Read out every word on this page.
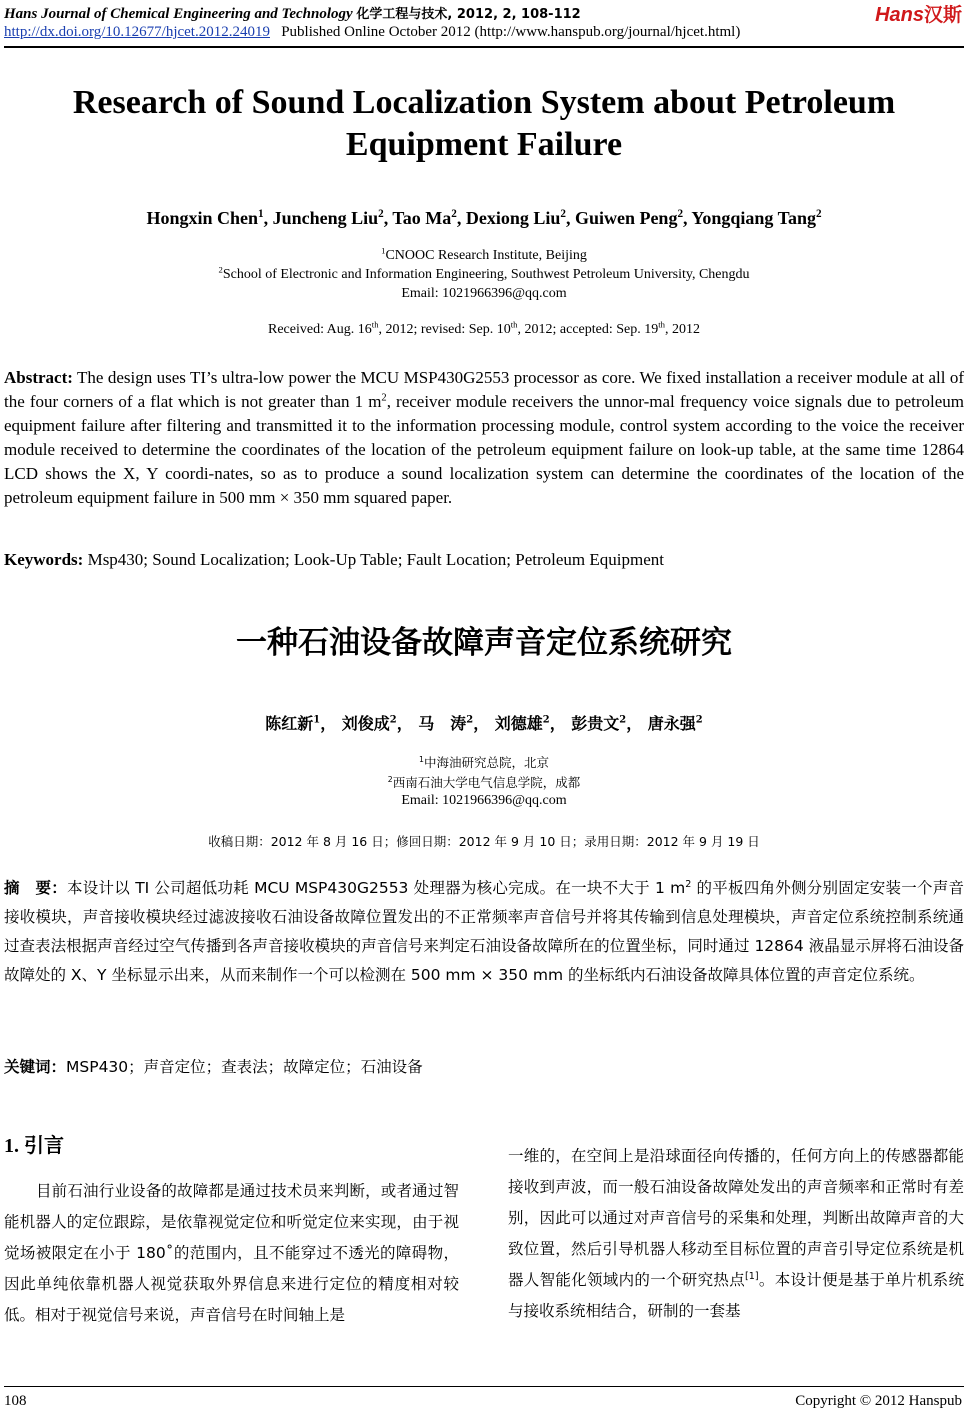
Hans Journal of Chemical Engineering and Technology 化学工程与技术, 2012, 2, 108-112	Hans汉斯
http://dx.doi.org/10.12677/hjcet.2012.24019 Published Online October 2012 (http://www.hanspub.org/journal/hjcet.html)
Research of Sound Localization System about Petroleum Equipment Failure
Hongxin Chen$^1$, Juncheng Liu$^2$, Tao Ma$^2$, Dexiong Liu$^2$, Guiwen Peng$^2$, Yongqiang Tang$^2$
$^1$CNOOC Research Institute, Beijing
$^2$School of Electronic and Information Engineering, Southwest Petroleum University, Chengdu
Email: 1021966396@qq.com
Received: Aug. 16th, 2012; revised: Sep. 10th, 2012; accepted: Sep. 19th, 2012
Abstract: The design uses TI’s ultra-low power the MCU MSP430G2553 processor as core. We fixed installation a receiver module at all of the four corners of a flat which is not greater than 1 $m^2$, receiver module receivers the unnor-mal frequency voice signals due to petroleum equipment failure after filtering and transmitted it to the information processing module, control system according to the voice the receiver module received to determine the coordinates of the location of the petroleum equipment failure on look-up table, at the same time 12864 LCD shows the X, Y coordi-nates, so as to produce a sound localization system can determine the coordinates of the location of the petroleum equipment failure in 500 mm × 350 mm squared paper.
Keywords: Msp430; Sound Localization; Look-Up Table; Fault Location; Petroleum Equipment
一种石油设备故障声音定位系统研究
陈红新$^1$， 刘俊成$^2$， 马　涛$^2$， 刘德雄$^2$， 彭贵文$^2$， 唐永强$^2$
$^1$中海油研究总院，北京
$^2$西南石油大学电气信息学院，成都
Email: 1021966396@qq.com
收稿日期：2012 年 8 月 16 日；修回日期：2012 年 9 月 10 日；录用日期：2012 年 9 月 19 日
摘　要：本设计以 TI 公司超低功耗 MCU MSP430G2553 处理器为核心完成。在一块不大于 1 $m^2$ 的平板四角外侧分别固定安装一个声音接收模块，声音接收模块经过滤波接收石油设备故障位置发出的不正常频率声音信号并将其传输到信息处理模块，声音定位系统控制系统通过查表法根据声音经过空气传播到各声音接收模块的声音信号来判定石油设备故障所在的位置坐标，同时通过 12864 液晶显示屏将石油设备故障处的 X、Y 坐标显示出来，从而来制作一个可以检测在 500 mm × 350 mm 的坐标纸内石油设备故障具体位置的声音定位系统。
关键词：MSP430；声音定位；查表法；故障定位；石油设备
1. 引言
目前石油行业设备的故障都是通过技术员来判断，或者通过智能机器人的定位跟踪，是依靠视觉定位和听觉定位来实现，由于视觉场被限定在小于 180˚的范围内，且不能穿过不透光的障碍物，因此单纯依靠机器人视觉获取外界信息来进行定位的精度相对较低。相对于视觉信号来说，声音信号在时间轴上是
一维的，在空间上是沿球面径向传播的，任何方向上的传感器都能接收到声波，而一般石油设备故障处发出的声音频率和正常时有差别，因此可以通过对声音信号的采集和处理，判断出故障声音的大致位置，然后引导机器人移动至目标位置的声音引导定位系统是机器人智能化领域内的一个研究热点[1]。本设计便是基于单片机系统与接收系统相结合，研制的一套基
108	Copyright © 2012 Hanspub
